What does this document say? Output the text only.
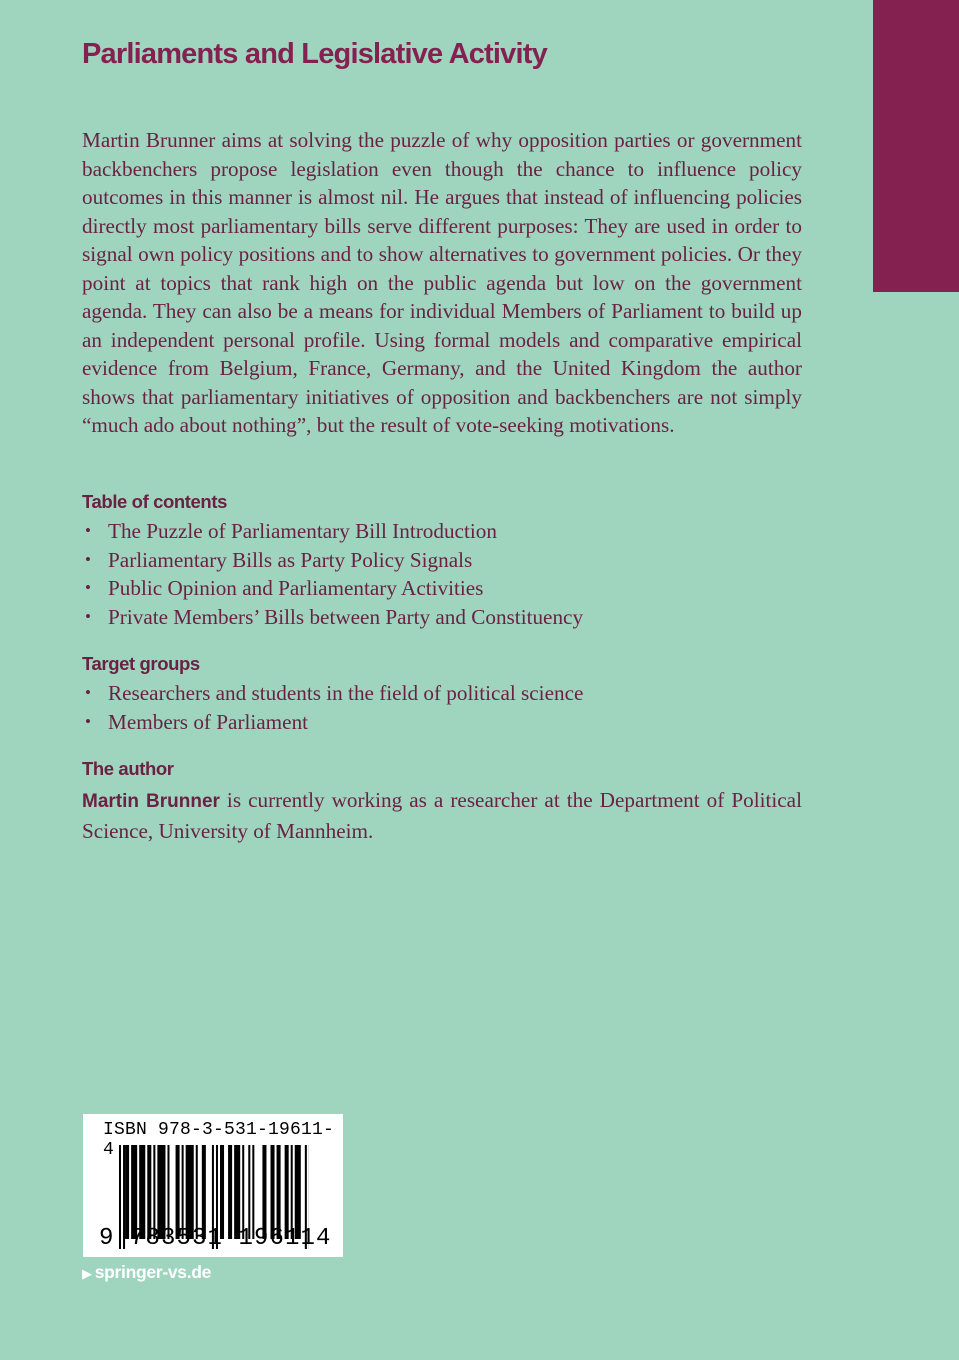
Parliaments and Legislative Activity

Martin Brunner aims at solving the puzzle of why opposition parties or government backbenchers propose legislation even though the chance to influence policy outcomes in this manner is almost nil. He argues that instead of influencing policies directly most parliamentary bills serve different purposes: They are used in order to signal own policy positions and to show alternatives to government policies. Or they point at topics that rank high on the public agenda but low on the government agenda. They can also be a means for individual Members of Parliament to build up an independent personal profile. Using formal models and comparative empirical evidence from Belgium, France, Germany, and the United Kingdom the author shows that parliamentary initiatives of opposition and backbenchers are not simply “much ado about nothing”, but the result of vote-seeking motivations.

Table of contents
• The Puzzle of Parliamentary Bill Introduction
• Parliamentary Bills as Party Policy Signals
• Public Opinion and Parliamentary Activities
• Private Members’ Bills between Party and Constituency
Target groups
• Researchers and students in the field of political science
• Members of Parliament
The author

Martin Brunner is currently working as a researcher at the Department of Political Science, University of Mannheim.

ISBN 978-3-531-19611-4
9 783531 196114
▶ springer-vs.de
